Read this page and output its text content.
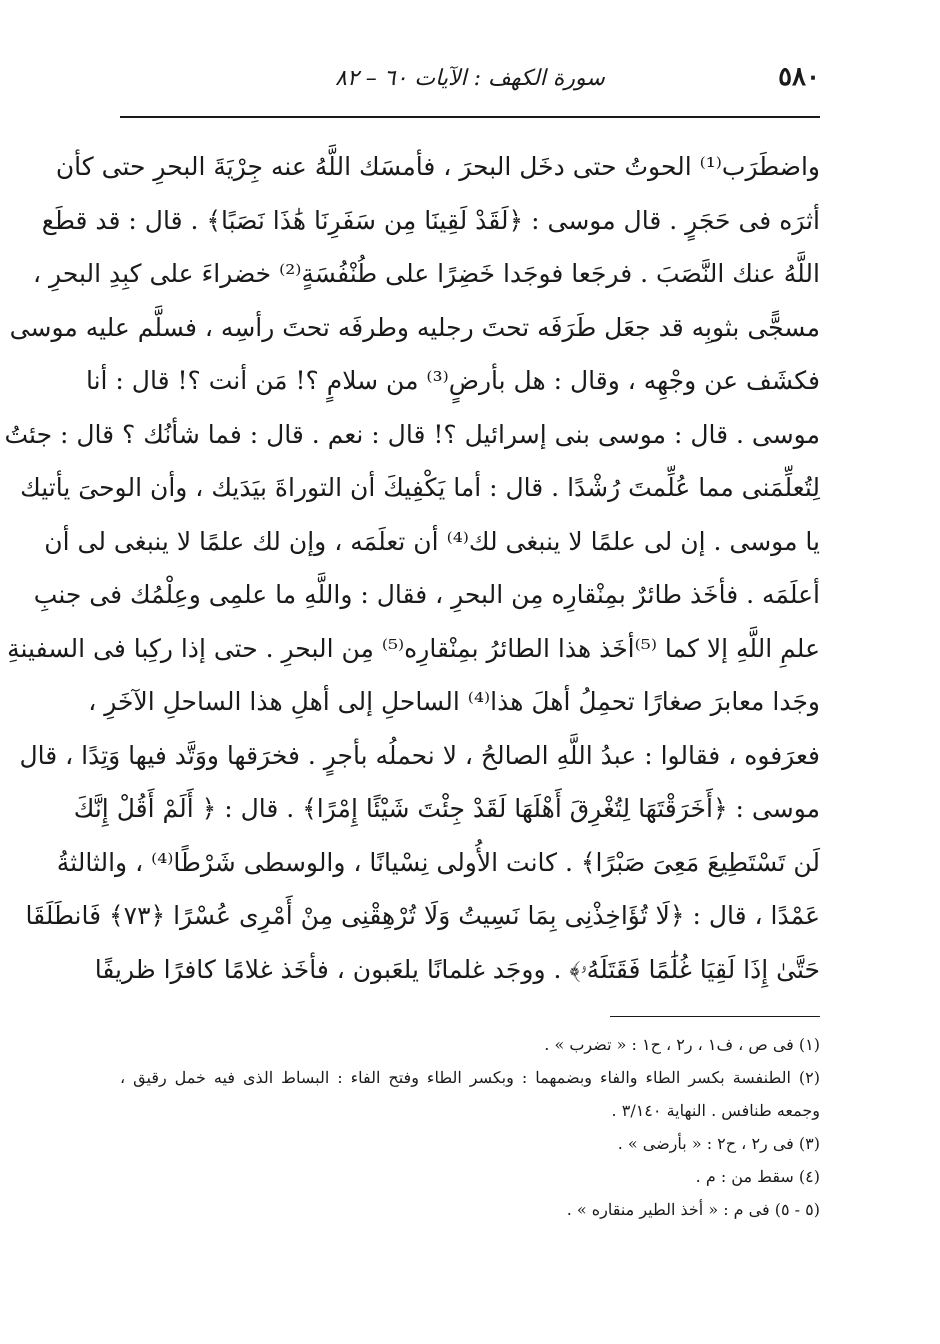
٥٨٠
سورة الكهف : الآيات ٦٠ – ٨٢
واضطَرَب⁽¹⁾ الحوتُ حتى دخَل البحرَ ، فأمسَك اللَّهُ عنه جِرْيَةَ البحرِ حتى كأن
أثرَه فى حَجَرٍ . قال موسى : ﴿لَقَدْ لَقِينَا مِن سَفَرِنَا هَٰذَا نَصَبًا﴾ . قال : قد قطَع
اللَّهُ عنك النَّصَبَ . فرجَعا فوجَدا خَضِرًا على طُنْفُسَةٍ⁽²⁾ خضراءَ على كبِدِ البحرِ ،
مسجًّى بثوبِه قد جعَل طَرَفَه تحتَ رجليه وطرفَه تحتَ رأسِه ، فسلَّم عليه موسى
فكشَف عن وجْهِه ، وقال : هل بأرضٍ⁽³⁾ من سلامٍ ؟! مَن أنت ؟! قال : أنا
موسى . قال : موسى بنى إسرائيل ؟! قال : نعم . قال : فما شأنُك ؟ قال : جئتُ
لِتُعلِّمَنى مما عُلِّمتَ رُشْدًا . قال : أما يَكْفِيكَ أن التوراةَ بيَدَيك ، وأن الوحىَ يأتيك
يا موسى . إن لى علمًا لا ينبغى لك⁽⁴⁾ أن تعلَمَه ، وإن لك علمًا لا ينبغى لى أن
أعلَمَه . فأخَذ طائرٌ بمِنْقارِه مِن البحرِ ، فقال : واللَّهِ ما علمِى وعِلْمُك فى جنبِ
علمِ اللَّهِ إلا كما ⁽⁵⁾أخَذ هذا الطائرُ بمِنْقارِه⁽⁵⁾ مِن البحرِ . حتى إذا ركِبا فى السفينةِ
وجَدا معابرَ صغارًا تحمِلُ أهلَ هذا⁽⁴⁾ الساحلِ إلى أهلِ هذا الساحلِ الآخَرِ ،
فعرَفوه ، فقالوا : عبدُ اللَّهِ الصالحُ ، لا نحملُه بأجرٍ . فخرَقها ووَتَّد فيها وَتِدًا ، قال
موسى : ﴿أَخَرَقْتَهَا لِتُغْرِقَ أَهْلَهَا لَقَدْ جِئْتَ شَيْئًا إِمْرًا﴾ . قال : ﴿ أَلَمْ أَقُلْ إِنَّكَ
لَن تَسْتَطِيعَ مَعِىَ صَبْرًا﴾ . كانت الأُولى نِسْيانًا ، والوسطى شَرْطًا⁽⁴⁾ ، والثالثةُ
عَمْدًا ، قال : ﴿لَا تُؤَاخِذْنِى بِمَا نَسِيتُ وَلَا تُرْهِقْنِى مِنْ أَمْرِى عُسْرًا ﴿٧٣﴾ فَانطَلَقَا
حَتَّىٰ إِذَا لَقِيَا غُلَٰمًا فَقَتَلَهُۥ﴾ . ووجَد غلمانًا يلعَبون ، فأخَذ غلامًا كافرًا ظريفًا
(١) فى ص ، ف١ ، ر٢ ، ح١ : « تضرب » .
(٢) الطنفسة بكسر الطاء والفاء وبضمهما : وبكسر الطاء وفتح الفاء : البساط الذى فيه خمل رقيق ،
وجمعه طنافس . النهاية ٣/١٤٠ .
(٣) فى ر٢ ، ح٢ : « بأرضى » .
(٤) سقط من : م .
(٥ - ٥) فى م : « أخذ الطير منقاره » .
